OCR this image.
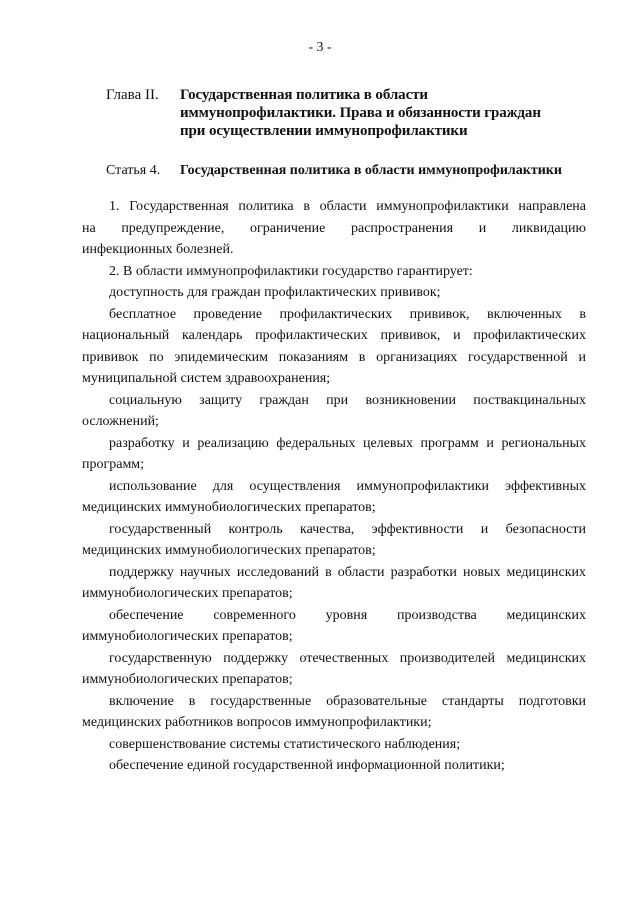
- 3 -
Глава II.	Государственная политика в области
иммунопрофилактики. Права и обязанности граждан
при осуществлении иммунопрофилактики
Статья 4.	Государственная политика в области иммунопрофилактики
1. Государственная политика в области иммунопрофилактики направлена
на предупреждение, ограничение распространения и ликвидацию
инфекционных болезней.
2. В области иммунопрофилактики государство гарантирует:
доступность для граждан профилактических прививок;
бесплатное проведение профилактических прививок, включенных в
национальный календарь профилактических прививок, и профилактических
прививок по эпидемическим показаниям в организациях государственной и
муниципальной систем здравоохранения;
социальную защиту граждан при возникновении поствакцинальных
осложнений;
разработку и реализацию федеральных целевых программ и региональных
программ;
использование для осуществления иммунопрофилактики эффективных
медицинских иммунобиологических препаратов;
государственный контроль качества, эффективности и безопасности
медицинских иммунобиологических препаратов;
поддержку научных исследований в области разработки новых медицинских
иммунобиологических препаратов;
обеспечение современного уровня производства медицинских
иммунобиологических препаратов;
государственную поддержку отечественных производителей медицинских
иммунобиологических препаратов;
включение в государственные образовательные стандарты подготовки
медицинских работников вопросов иммунопрофилактики;
совершенствование системы статистического наблюдения;
обеспечение единой государственной информационной политики;
